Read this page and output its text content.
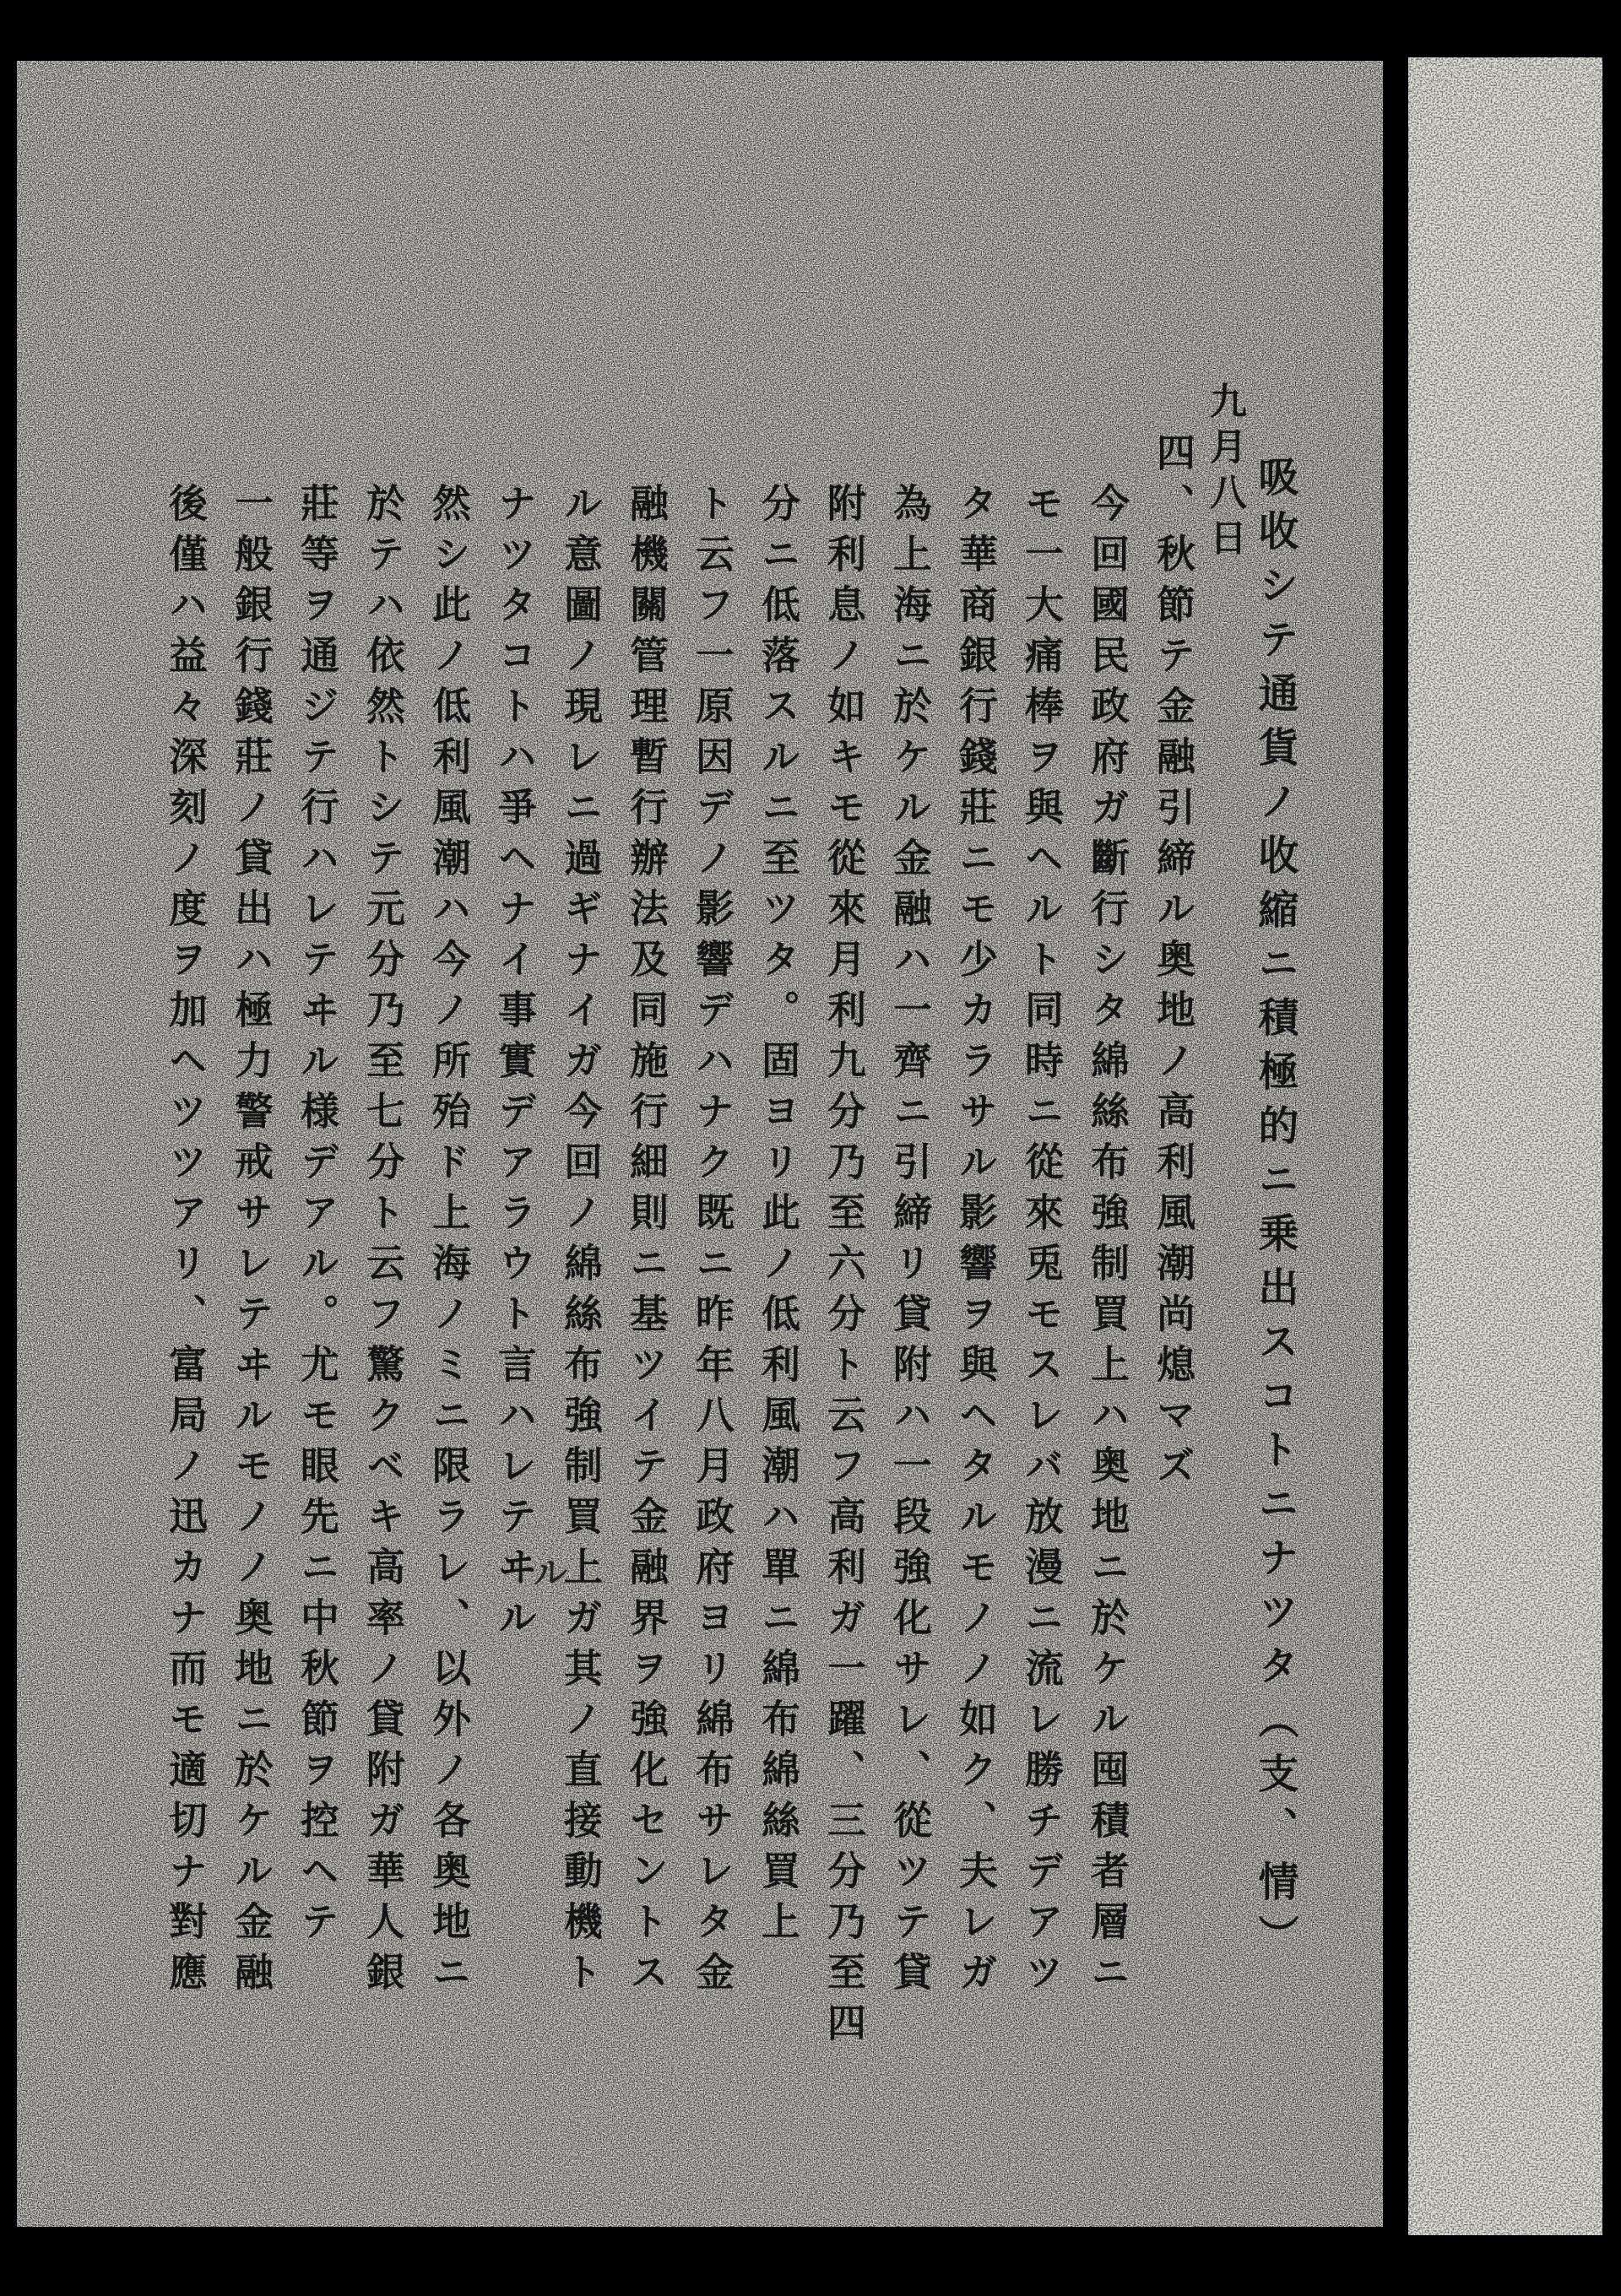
吸收シテ通貨ノ收縮ニ積極的ニ乗出スコトニナツタ（支、情）
九月八日
四、秋節テ金融引締ル奥地ノ高利風潮尚熄マズ
今回國民政府ガ斷行シタ綿絲布強制買上ハ奥地ニ於ケル囤積者層ニ
モ一大痛棒ヲ與ヘルト同時ニ從來兎モスレバ放漫ニ流レ勝チデアツ
タ華商銀行錢莊ニモ少カラサル影響ヲ與ヘタルモノノ如ク、夫レガ
為上海ニ於ケル金融ハ一齊ニ引締リ貸附ハ一段強化サレ、從ツテ貸
附利息ノ如キモ從來月利九分乃至六分ト云フ高利ガ一躍、三分乃至四
分ニ低落スルニ至ツタ。固ヨリ此ノ低利風潮ハ單ニ綿布綿絲買上
ト云フ一原因デノ影響デハナク既ニ昨年八月政府ヨリ綿布サレタ金
融機關管理暫行辦法及同施行細則ニ基ツイテ金融界ヲ強化セントス
ル意圖ノ現レニ過ギナイガ今回ノ綿絲布強制買上ガ其ノ直接動機ト
ナツタコトハ爭ヘナイ事實デアラウト言ハレテヰル
然シ此ノ低利風潮ハ今ノ所殆ド上海ノミニ限ラレ、以外ノ各奥地ニ
於テハ依然トシテ元分乃至七分ト云フ驚クベキ高率ノ貸附ガ華人銀
莊等ヲ通ジテ行ハレテヰル様デアル。尤モ眼先ニ中秋節ヲ控ヘテ
一般銀行錢莊ノ貸出ハ極力警戒サレテヰルモノノ奥地ニ於ケル金融
後僅ハ益々深刻ノ度ヲ加ヘツツアリ、富局ノ迅カナ而モ適切ナ對應	ル
